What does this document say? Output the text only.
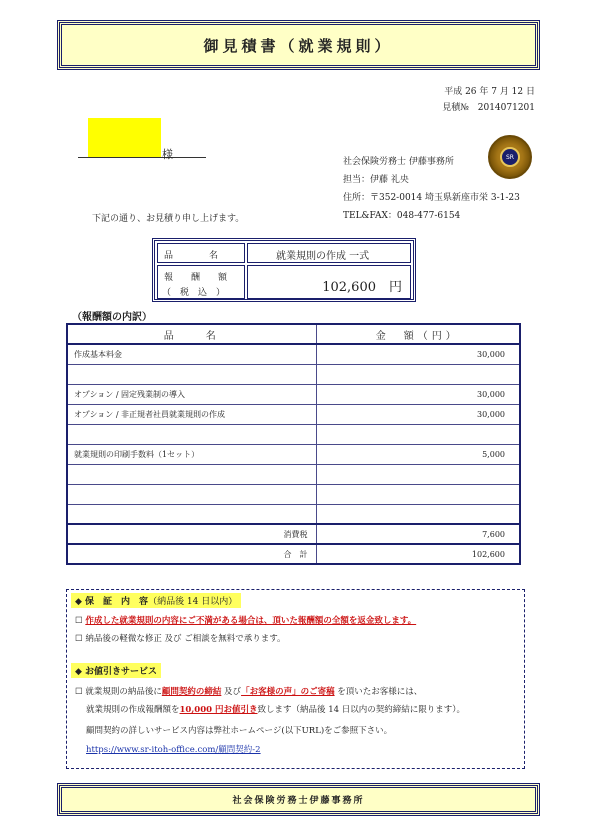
御見積書（就業規則）
平成 26 年 7 月 12 日
見積№　2014071201
様
下記の通り、お見積り申し上げます。
社会保険労務士 伊藤事務所
担当：伊藤 礼央
住所：〒352-0014 埼玉県新座市栄 3-1-23
TEL&FAX：048-477-6154
SR
品　　　　名	就業規則の作成 一式
報　　酬　　額
（　税　込　）	102,600　円
（報酬額の内訳）
品　　名	金　額（円）
作成基本料金	30,000

オプション / 固定残業制の導入	30,000
オプション / 非正規者社員就業規則の作成	30,000

就業規則の印刷手数料（1セット）	5,000

消費税	7,600
合　計	102,600
◆ 保　証　内　容（納品後 14 日以内）
☐ 作成した就業規則の内容にご不満がある場合は、頂いた報酬額の全額を返金致します。
☐ 納品後の軽微な修正 及び ご相談を無料で承ります。
◆ お値引きサービス
☐ 就業規則の納品後に顧問契約の締結 及び「お客様の声」のご寄稿 を頂いたお客様には、
就業規則の作成報酬額を10,000 円お値引き致します（納品後 14 日以内の契約締結に限ります）。
顧問契約の詳しいサービス内容は弊社ホームページ(以下URL)をご参照下さい。
https://www.sr-itoh-office.com/顧問契約-2
社会保険労務士伊藤事務所
